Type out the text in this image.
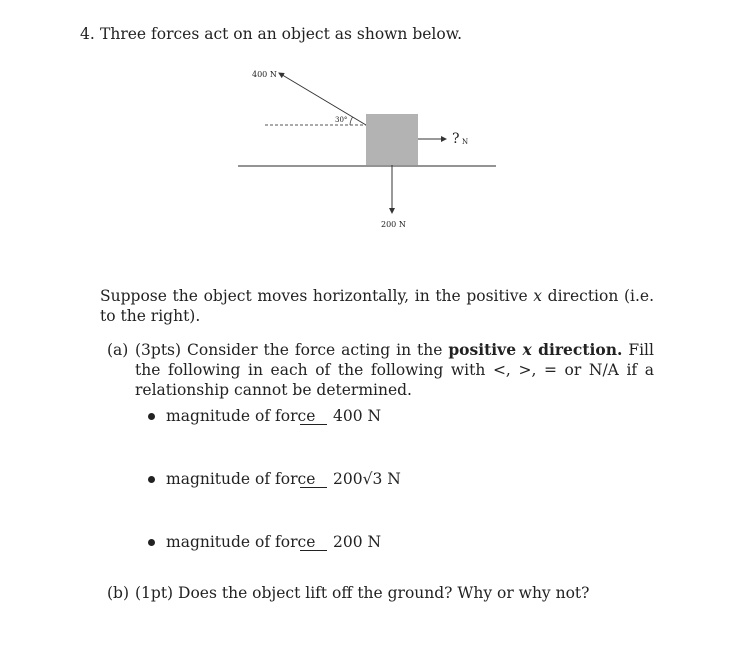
4. Three forces act on an object as shown below.
400 N
30°
? N
200 N
Suppose the object moves horizontally, in the positive x direction (i.e. to the right).
(a) (3pts) Consider the force acting in the positive x direction. Fill the following in each of the following with <, >, = or N/A if a relationship cannot be determined.
magnitude of force 400 N
magnitude of force 200√3 N
magnitude of force 200 N
(b) (1pt) Does the object lift off the ground? Why or why not?
